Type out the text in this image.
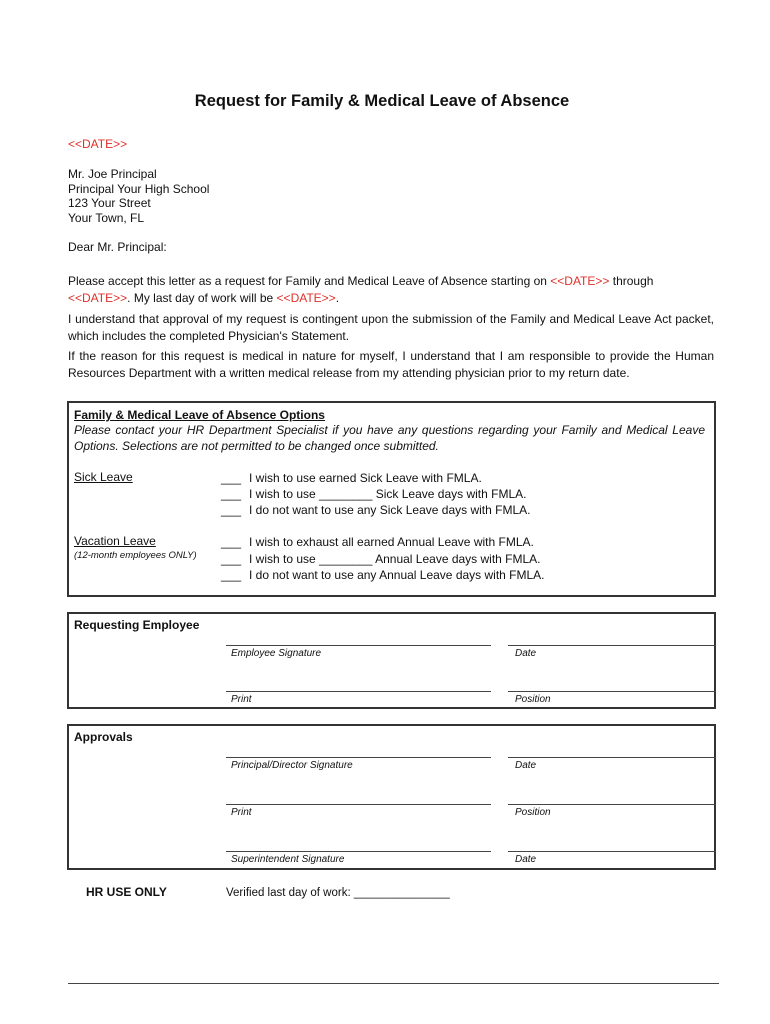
Request for Family & Medical Leave of Absence
<<DATE>>
Mr. Joe Principal
Principal Your High School
123 Your Street
Your Town, FL
Dear Mr. Principal:
Please accept this letter as a request for Family and Medical Leave of Absence starting on <<DATE>> through
<<DATE>>. My last day of work will be <<DATE>>.
I understand that approval of my request is contingent upon the submission of the Family and Medical Leave Act packet, which includes the completed Physician's Statement.
If the reason for this request is medical in nature for myself, I understand that I am responsible to provide the Human Resources Department with a written medical release from my attending physician prior to my return date.
Family & Medical Leave of Absence Options
Please contact your HR Department Specialist if you have any questions regarding your Family and Medical Leave Options. Selections are not permitted to be changed once submitted.
Sick Leave	___ I wish to use earned Sick Leave with FMLA.
___ I wish to use ________ Sick Leave days with FMLA.
___ I do not want to use any Sick Leave days with FMLA.
Vacation Leave
(12-month employees ONLY)
___ I wish to exhaust all earned Annual Leave with FMLA.
___ I wish to use ________ Annual Leave days with FMLA.
___ I do not want to use any Annual Leave days with FMLA.
Requesting Employee
Employee Signature	Date
Print	Position
Approvals
Principal/Director Signature	Date
Print	Position
Superintendent Signature	Date
HR USE ONLY	Verified last day of work: _______________
